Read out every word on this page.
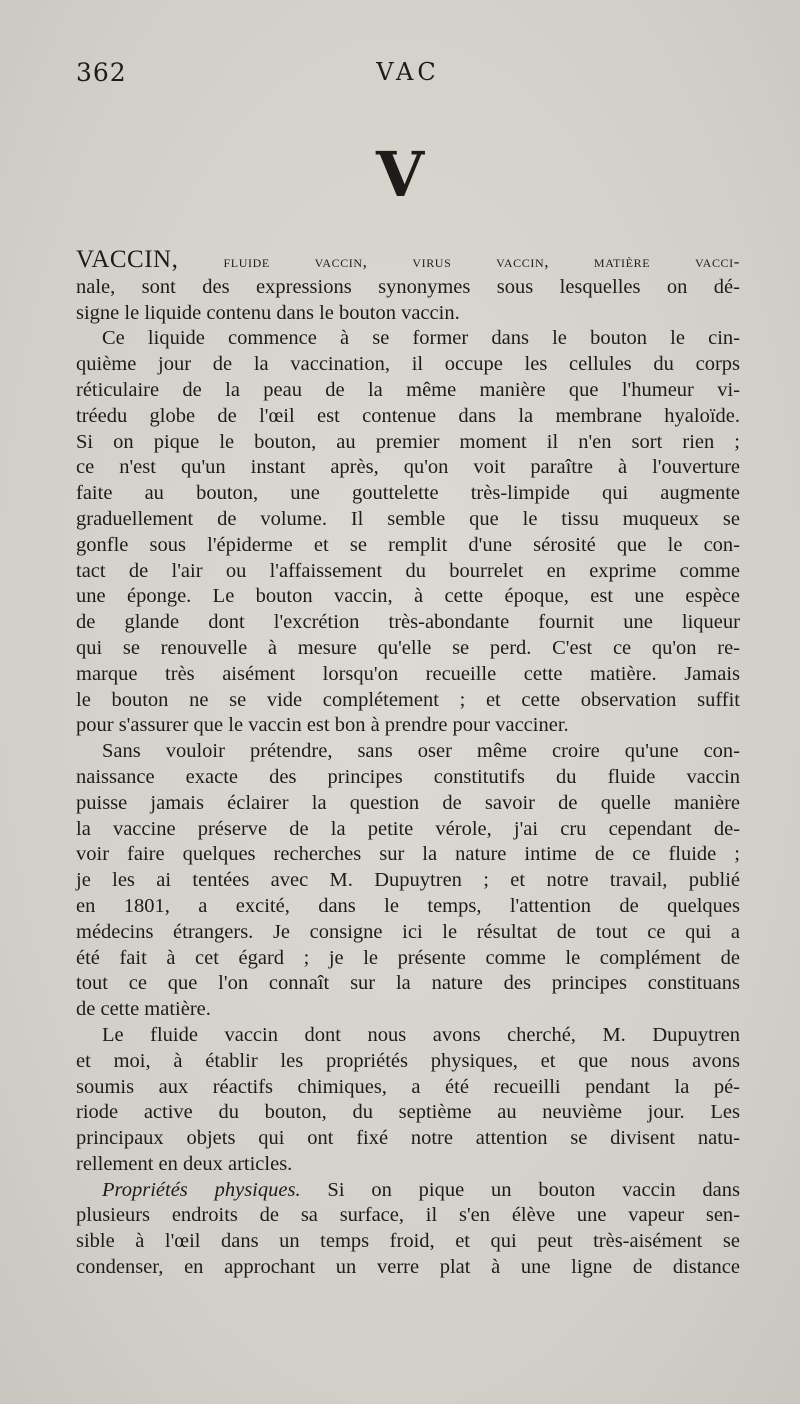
362	VAC
V
VACCIN,	fluide vaccin, virus vaccin, matière vacci-
nale, sont des expressions synonymes sous lesquelles on dé-
signe le liquide contenu dans le bouton vaccin.
Ce liquide commence à se former dans le bouton le cin-
quième jour de la vaccination, il occupe les cellules du corps
réticulaire de la peau de la même manière que l'humeur vi-
tréedu globe de l'œil est contenue dans la membrane hyaloïde.
Si on pique le bouton, au premier moment il n'en sort rien ;
ce n'est qu'un instant après, qu'on voit paraître à l'ouverture
faite au bouton, une gouttelette très-limpide qui augmente
graduellement de volume. Il semble que le tissu muqueux se
gonfle sous l'épiderme et se remplit d'une sérosité que le con-
tact de l'air ou l'affaissement du bourrelet en exprime comme
une éponge. Le bouton vaccin, à cette époque, est une espèce
de glande dont l'excrétion très-abondante fournit une liqueur
qui se renouvelle à mesure qu'elle se perd. C'est ce qu'on re-
marque très aisément lorsqu'on recueille cette matière. Jamais
le bouton ne se vide complétement ; et cette observation suffit
pour s'assurer que le vaccin est bon à prendre pour vacciner.
Sans vouloir prétendre, sans oser même croire qu'une con-
naissance exacte des principes constitutifs du fluide vaccin
puisse jamais éclairer la question de savoir de quelle manière
la vaccine préserve de la petite vérole, j'ai cru cependant de-
voir faire quelques recherches sur la nature intime de ce fluide ;
je les ai tentées avec M. Dupuytren ; et notre travail, publié
en 1801, a excité, dans le temps, l'attention de quelques
médecins étrangers. Je consigne ici le résultat de tout ce qui a
été fait à cet égard ; je le présente comme le complément de
tout ce que l'on connaît sur la nature des principes constituans
de cette matière.
Le fluide vaccin dont nous avons cherché, M. Dupuytren
et moi, à établir les propriétés physiques, et que nous avons
soumis aux réactifs chimiques, a été recueilli pendant la pé-
riode active du bouton, du septième au neuvième jour. Les
principaux objets qui ont fixé notre attention se divisent natu-
rellement en deux articles.
Propriétés physiques. Si on pique un bouton vaccin dans
plusieurs endroits de sa surface, il s'en élève une vapeur sen-
sible à l'œil dans un temps froid, et qui peut très-aisément se
condenser, en approchant un verre plat à une ligne de distance
